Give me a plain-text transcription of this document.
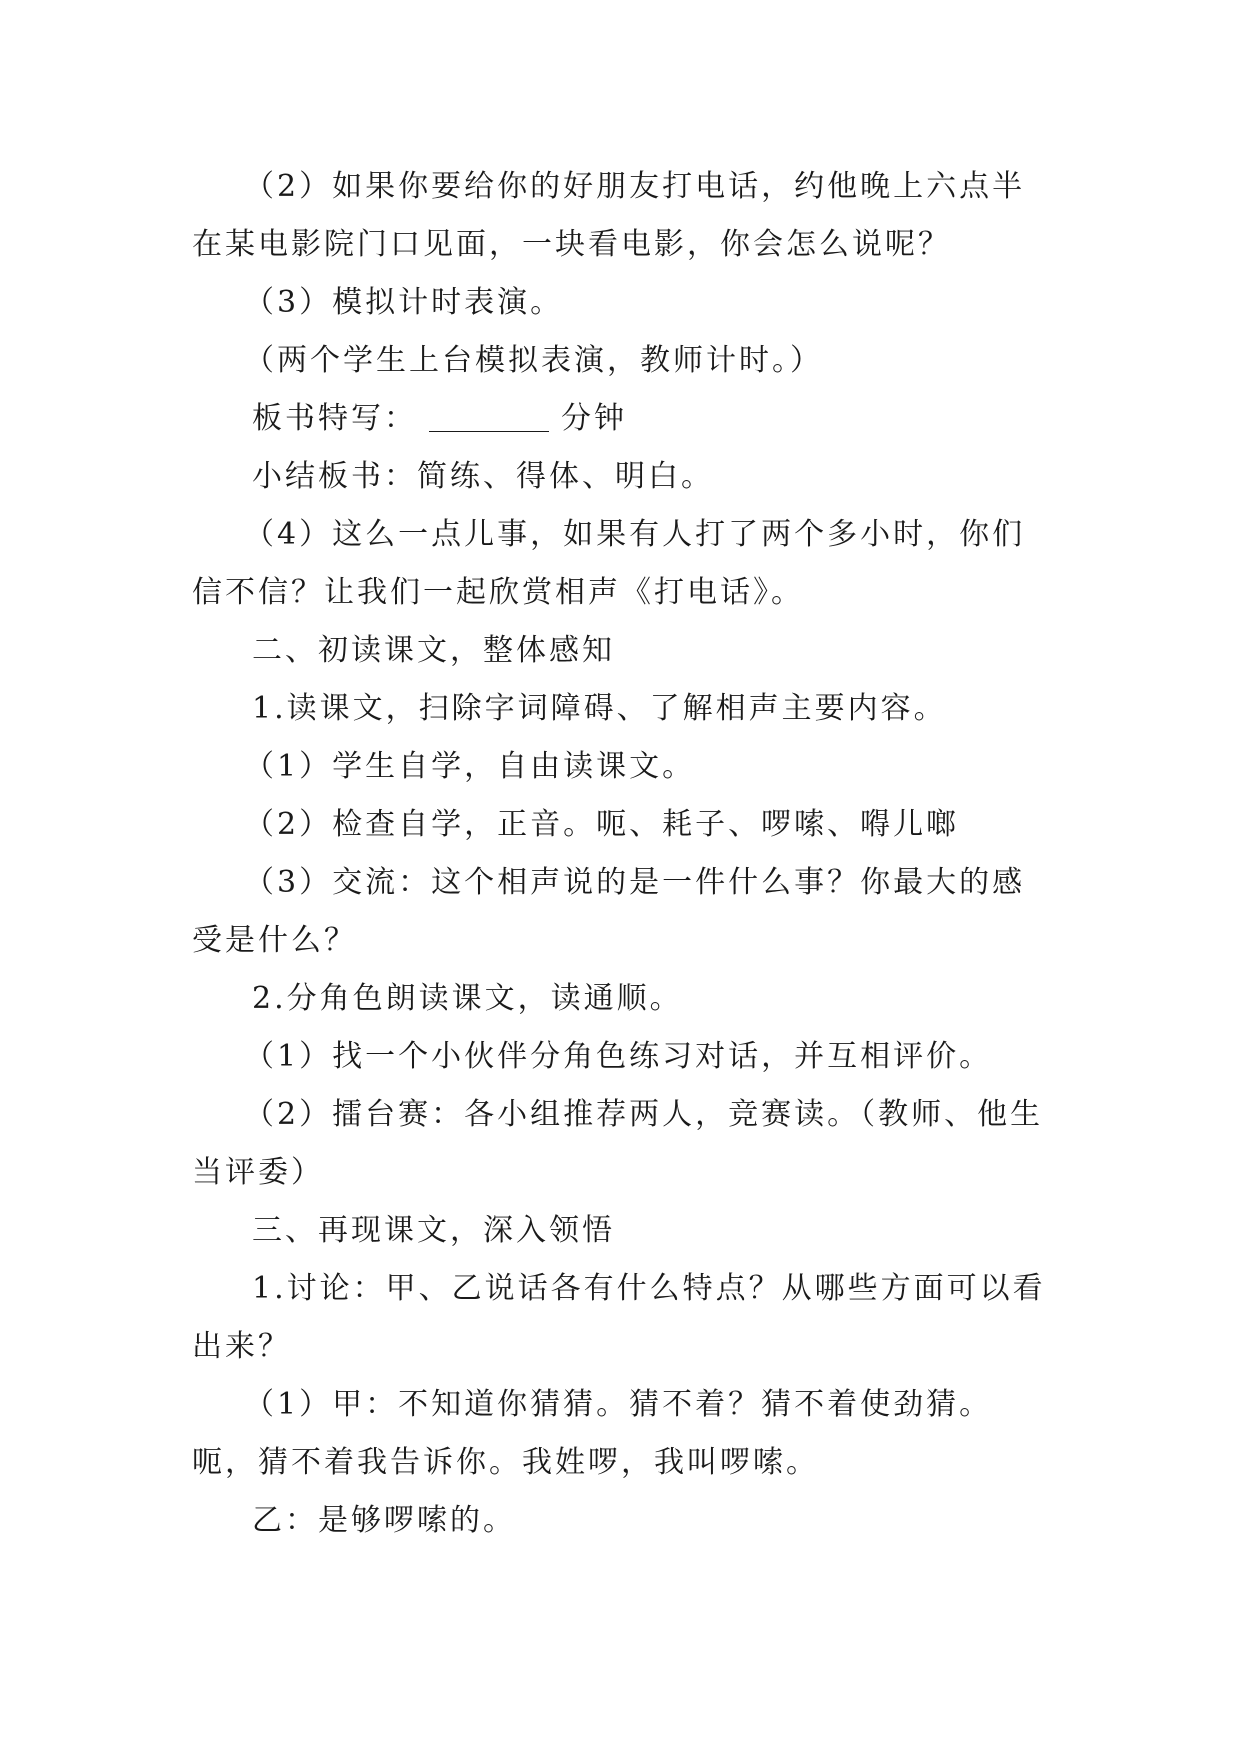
（2）如果你要给你的好朋友打电话，约他晚上六点半在某电影院门口见面，一块看电影，你会怎么说呢？

（3）模拟计时表演。

（两个学生上台模拟表演，教师计时。）

板书特写：	分钟

小结板书：简练、得体、明白。

（4）这么一点儿事，如果有人打了两个多小时，你们信不信？让我们一起欣赏相声《打电话》。

二、初读课文，整体感知

1.读课文，扫除字词障碍、了解相声主要内容。

（1）学生自学，自由读课文。

（2）检查自学，正音。呃、耗子、啰嗦、嘚儿啷

（3）交流：这个相声说的是一件什么事？你最大的感受是什么？

2.分角色朗读课文，读通顺。

（1）找一个小伙伴分角色练习对话，并互相评价。

（2）擂台赛：各小组推荐两人，竞赛读。（教师、他生当评委）

三、再现课文，深入领悟

1.讨论：甲、乙说话各有什么特点？从哪些方面可以看出来？

（1）甲：不知道你猜猜。猜不着？猜不着使劲猜。呃，猜不着我告诉你。我姓啰，我叫啰嗦。

乙：是够啰嗦的。
